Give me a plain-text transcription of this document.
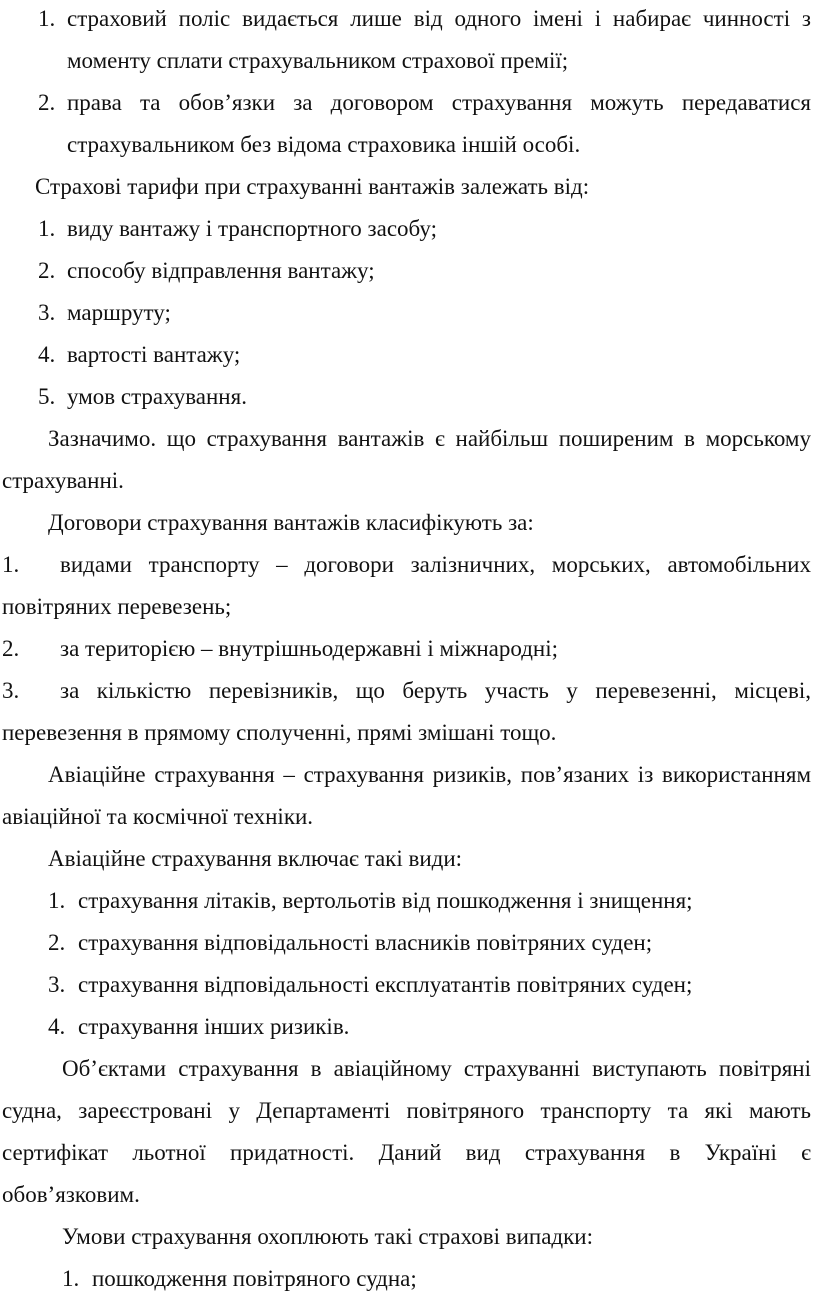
1. страховий поліс видається лише від одного імені і набирає чинності з
моменту сплати страхувальником страхової премії;
2. права та обов’язки за договором страхування можуть передаватися
страхувальником без відома страховика іншій особі.
Страхові тарифи при страхуванні вантажів залежать від:
1. виду вантажу і транспортного засобу;
2. способу відправлення вантажу;
3. маршруту;
4. вартості вантажу;
5. умов страхування.
Зазначимо. що страхування вантажів є найбільш поширеним в морському
страхуванні.
Договори страхування вантажів класифікують за:
1. видами транспорту – договори залізничних, морських, автомобільних
повітряних перевезень;
2. за територією – внутрішньодержавні і міжнародні;
3. за кількістю перевізників, що беруть участь у перевезенні, місцеві,
перевезення в прямому сполученні, прямі змішані тощо.
Авіаційне страхування – страхування ризиків, пов’язаних із використанням
авіаційної та космічної техніки.
Авіаційне страхування включає такі види:
1. страхування літаків, вертольотів від пошкодження і знищення;
2. страхування відповідальності власників повітряних суден;
3. страхування відповідальності експлуатантів повітряних суден;
4. страхування інших ризиків.
Об’єктами страхування в авіаційному страхуванні виступають повітряні
судна, зареєстровані у Департаменті повітряного транспорту та які мають
сертифікат льотної придатності. Даний вид страхування в Україні є
обов’язковим.
Умови страхування охоплюють такі страхові випадки:
1. пошкодження повітряного судна;
